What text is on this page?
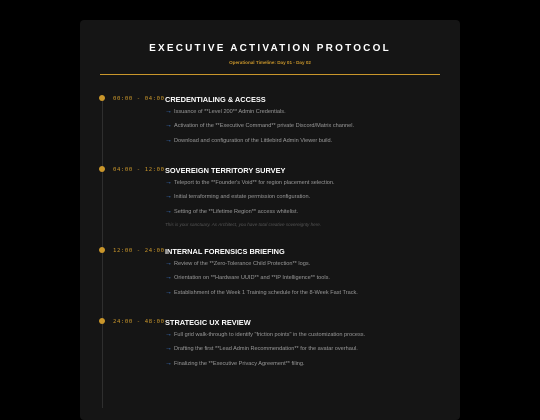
EXECUTIVE ACTIVATION PROTOCOL
Operational Timeline: Day 01 - Day 02
00:00 - 04:00 CREDENTIALING & ACCESS
→ Issuance of **Level 200** Admin Credentials.
→ Activation of the **Executive Command** private Discord/Matrix channel.
→ Download and configuration of the Littlebird Admin Viewer build.
04:00 - 12:00 SOVEREIGN TERRITORY SURVEY
→ Teleport to the **Founder's Void** for region placement selection.
→ Initial terraforming and estate permission configuration.
→ Setting of the **Lifetime Region** access whitelist.
This is your sanctuary. As Architect, you have total creative sovereignty here.
12:00 - 24:00 INTERNAL FORENSICS BRIEFING
→ Review of the **Zero-Tolerance Child Protection** logs.
→ Orientation on **Hardware UUID** and **IP Intelligence** tools.
→ Establishment of the Week 1 Training schedule for the 8-Week Fast Track.
24:00 - 48:00 STRATEGIC UX REVIEW
→ Full grid walk-through to identify "friction points" in the customization process.
→ Drafting the first **Lead Admin Recommendation** for the avatar overhaul.
→ Finalizing the **Executive Privacy Agreement** filing.
